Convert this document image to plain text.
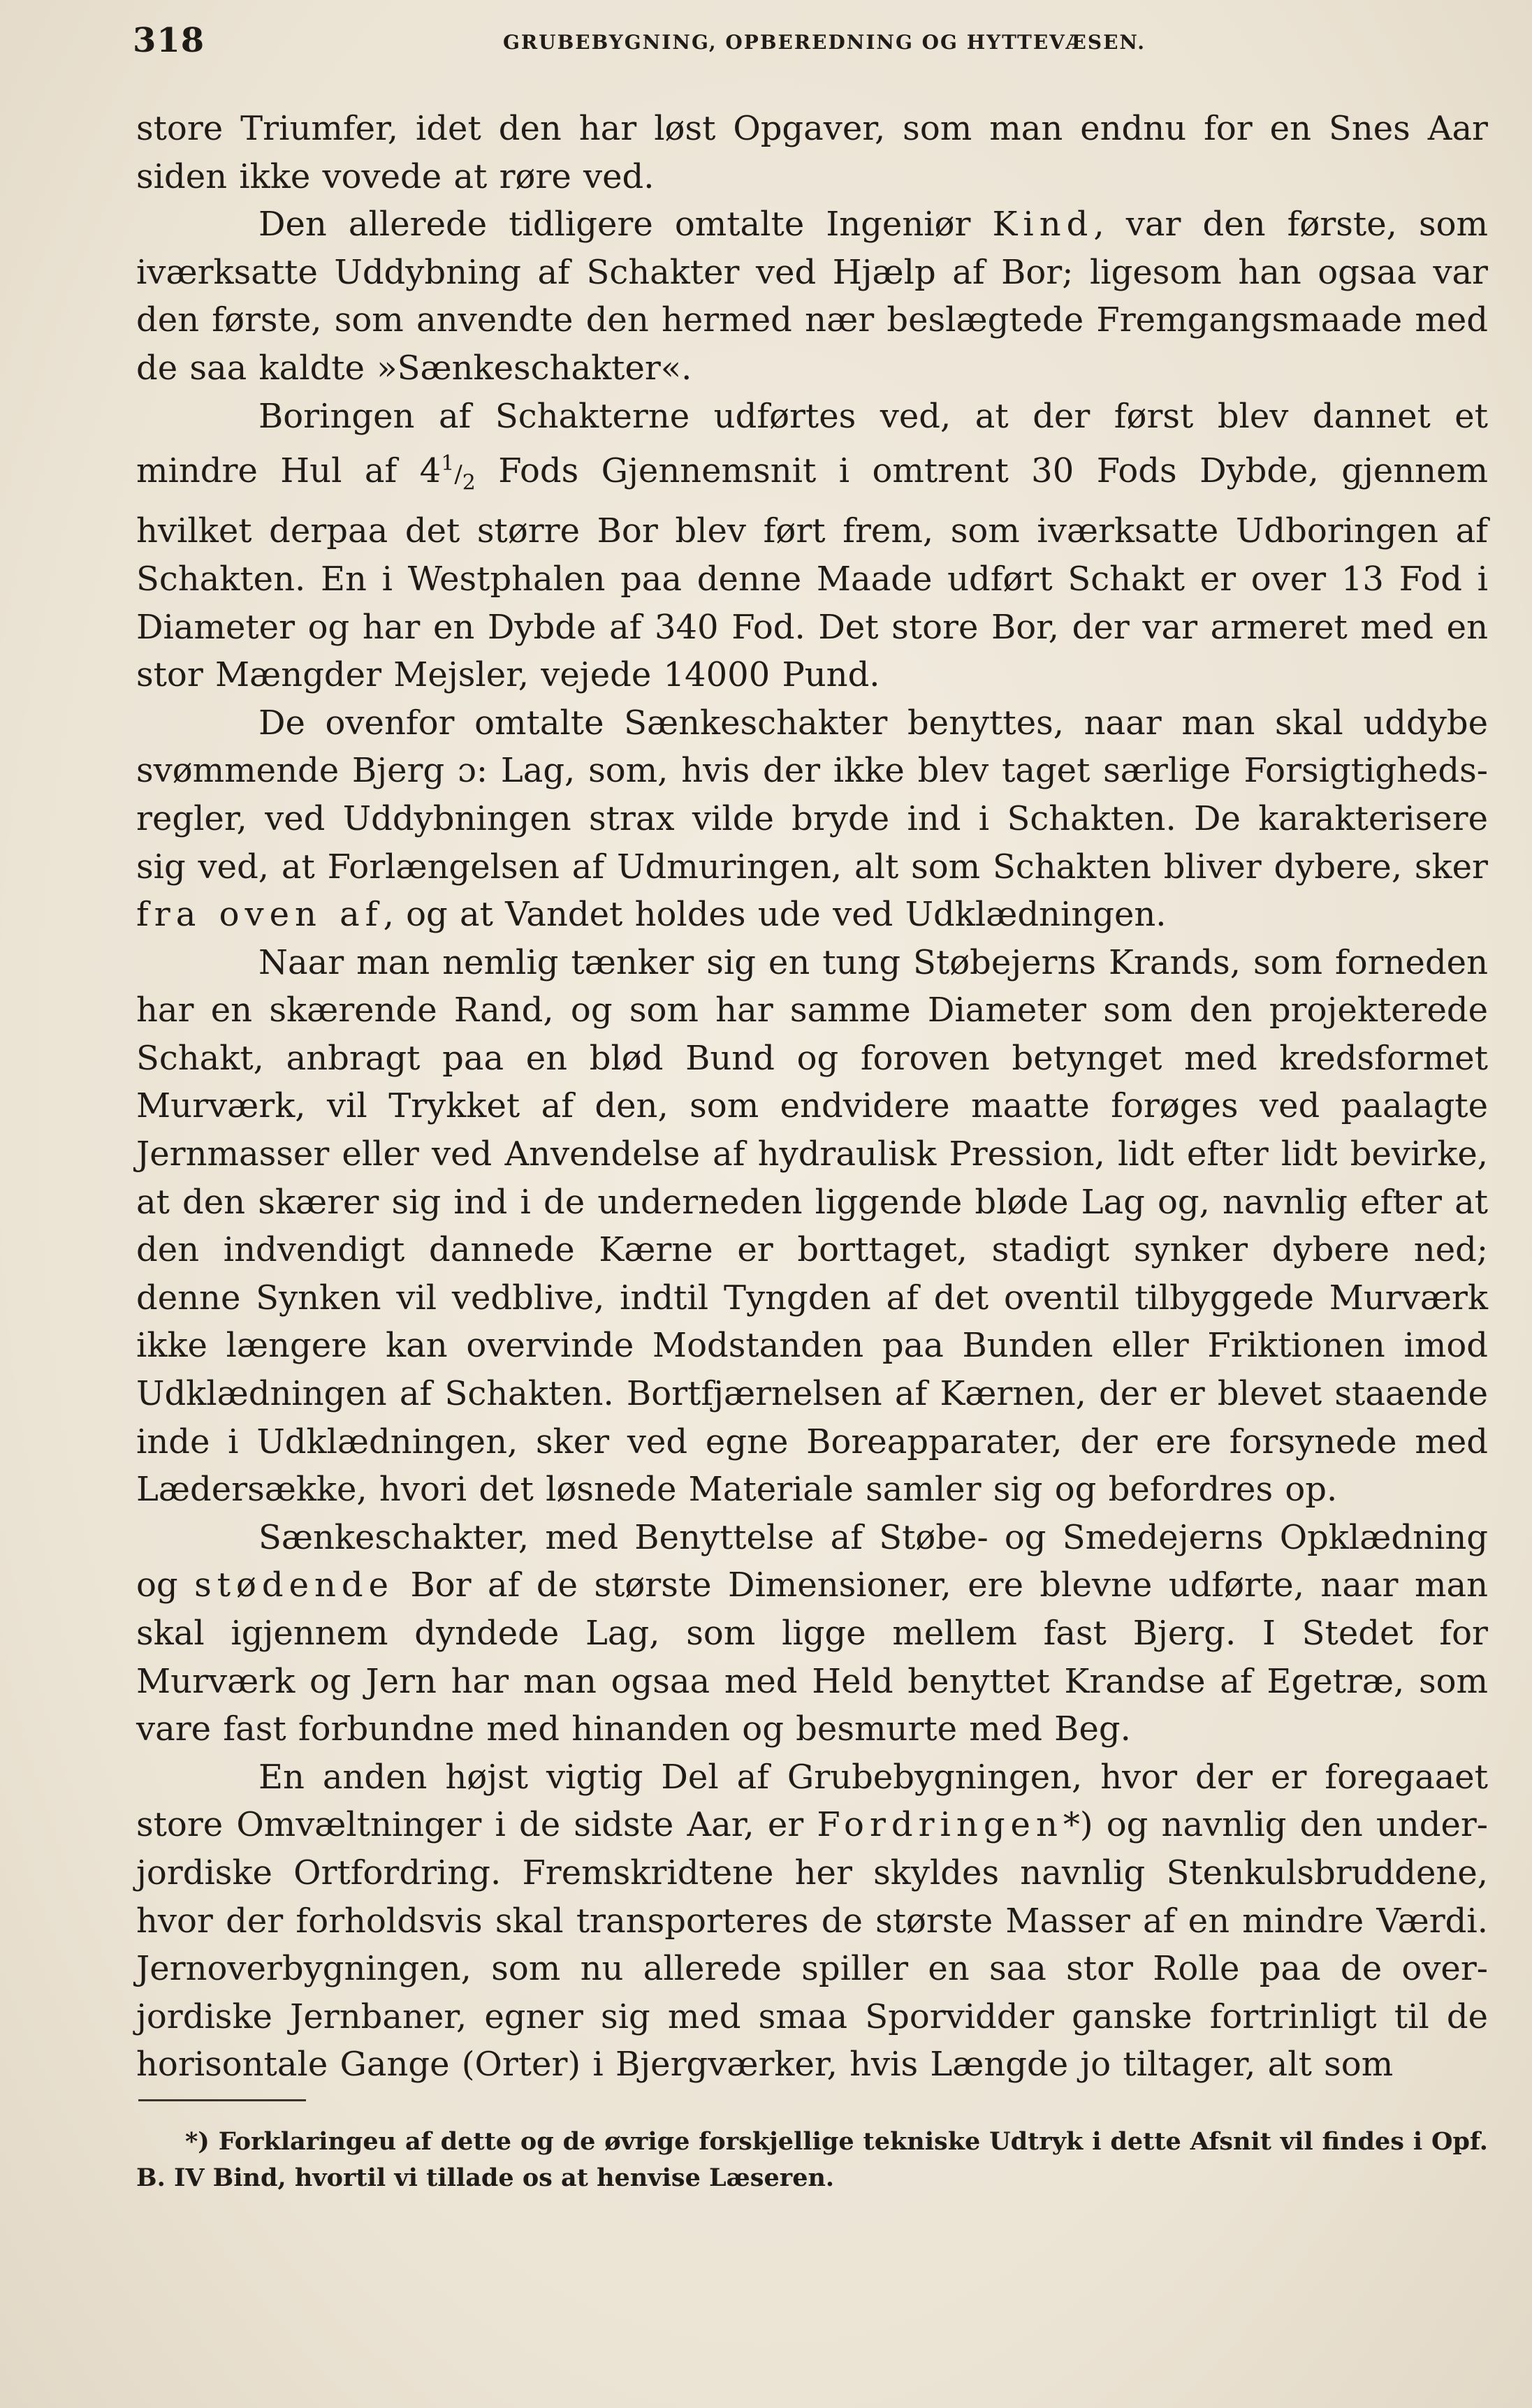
318	GRUBEBYGNING, OPBEREDNING OG HYTTEVÆSEN.

store Triumfer, idet den har løst Opgaver, som man endnu for en Snes Aar siden ikke vovede at røre ved.

Den allerede tidligere omtalte Ingeniør Kind, var den første, som iværksatte Uddybning af Schakter ved Hjælp af Bor; ligesom han ogsaa var den første, som anvendte den hermed nær beslægtede Fremgangsmaade med de saa kaldte »Sænkeschakter«.

Boringen af Schakterne udførtes ved, at der først blev dannet et mindre Hul af $4^1/_2$ Fods Gjennemsnit i omtrent 30 Fods Dybde, gjennem hvilket derpaa det større Bor blev ført frem, som iværksatte Udboringen af Schakten. En i Westphalen paa denne Maade udført Schakt er over 13 Fod i Diameter og har en Dybde af 340 Fod. Det store Bor, der var armeret med en stor Mængder Mejsler, vejede 14000 Pund.

De ovenfor omtalte Sænkeschakter benyttes, naar man skal uddybe svømmende Bjerg ɔ: Lag, som, hvis der ikke blev taget særlige Forsigtighedsregler, ved Uddybningen strax vilde bryde ind i Schakten. De karakterisere sig ved, at Forlængelsen af Udmuringen, alt som Schakten bliver dybere, sker fra oven af, og at Vandet holdes ude ved Udklædningen.

Naar man nemlig tænker sig en tung Støbejerns Krands, som forneden har en skærende Rand, og som har samme Diameter som den projekterede Schakt, anbragt paa en blød Bund og foroven betynget med kredsformet Murværk, vil Trykket af den, som endvidere maatte forøges ved paalagte Jernmasser eller ved Anvendelse af hydraulisk Pression, lidt efter lidt bevirke, at den skærer sig ind i de underneden liggende bløde Lag og, navnlig efter at den indvendigt dannede Kærne er borttaget, stadigt synker dybere ned; denne Synken vil vedblive, indtil Tyngden af det oventil tilbyggede Murværk ikke længere kan overvinde Modstanden paa Bunden eller Friktionen imod Udklædningen af Schakten. Bortfjærnelsen af Kærnen, der er blevet staaende inde i Udklædningen, sker ved egne Boreapparater, der ere forsynede med Lædersække, hvori det løsnede Materiale samler sig og befordres op.

Sænkeschakter, med Benyttelse af Støbe- og Smedejerns Opklædning og stødende Bor af de største Dimensioner, ere blevne udførte, naar man skal igjennem dyndede Lag, som ligge mellem fast Bjerg. I Stedet for Murværk og Jern har man ogsaa med Held benyttet Krandse af Egetræ, som vare fast forbundne med hinanden og besmurte med Beg.

En anden højst vigtig Del af Grubebygningen, hvor der er foregaaet store Omvæltninger i de sidste Aar, er Fordringen*) og navnlig den underjordiske Ortfordring. Fremskridtene her skyldes navnlig Stenkulsbruddene, hvor der forholdsvis skal transporteres de største Masser af en mindre Værdi. Jernoverbygningen, som nu allerede spiller en saa stor Rolle paa de overjordiske Jernbaner, egner sig med smaa Sporvidder ganske fortrinligt til de horisontale Gange (Orter) i Bjergværker, hvis Længde jo tiltager, alt som

*) Forklaringeu af dette og de øvrige forskjellige tekniske Udtryk i dette Afsnit vil findes i Opf. B. IV Bind, hvortil vi tillade os at henvise Læseren.
